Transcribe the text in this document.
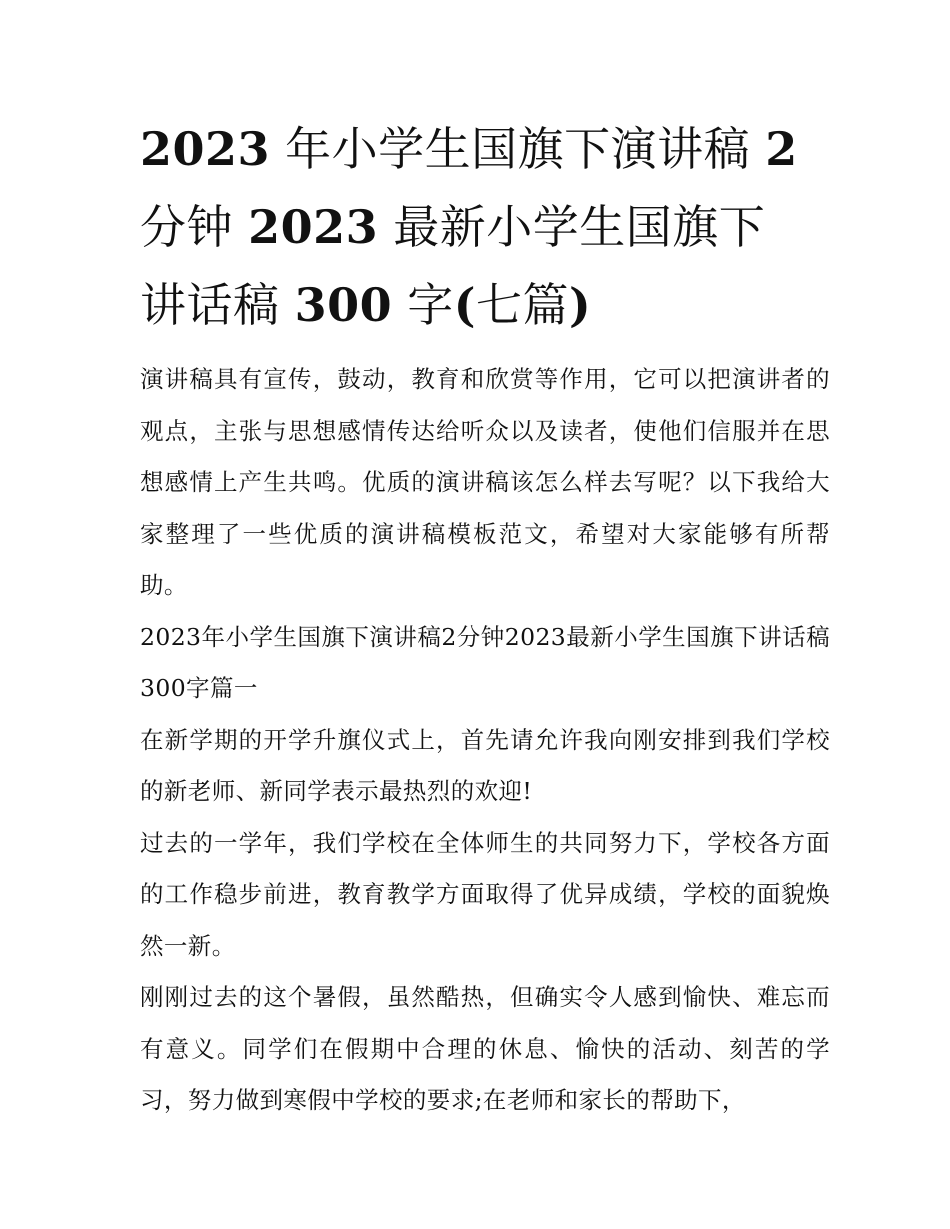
2023 年小学生国旗下演讲稿 2
分钟 2023 最新小学生国旗下
讲话稿 300 字(七篇)

演讲稿具有宣传，鼓动，教育和欣赏等作用，它可以把演讲者的观点，主张与思想感情传达给听众以及读者，使他们信服并在思想感情上产生共鸣。优质的演讲稿该怎么样去写呢？以下我给大家整理了一些优质的演讲稿模板范文，希望对大家能够有所帮助。

2023年小学生国旗下演讲稿2分钟2023最新小学生国旗下讲话稿300字篇一

在新学期的开学升旗仪式上，首先请允许我向刚安排到我们学校的新老师、新同学表示最热烈的欢迎!

过去的一学年，我们学校在全体师生的共同努力下，学校各方面的工作稳步前进，教育教学方面取得了优异成绩，学校的面貌焕然一新。

刚刚过去的这个暑假，虽然酷热，但确实令人感到愉快、难忘而有意义。同学们在假期中合理的休息、愉快的活动、刻苦的学习，努力做到寒假中学校的要求;在老师和家长的帮助下，
